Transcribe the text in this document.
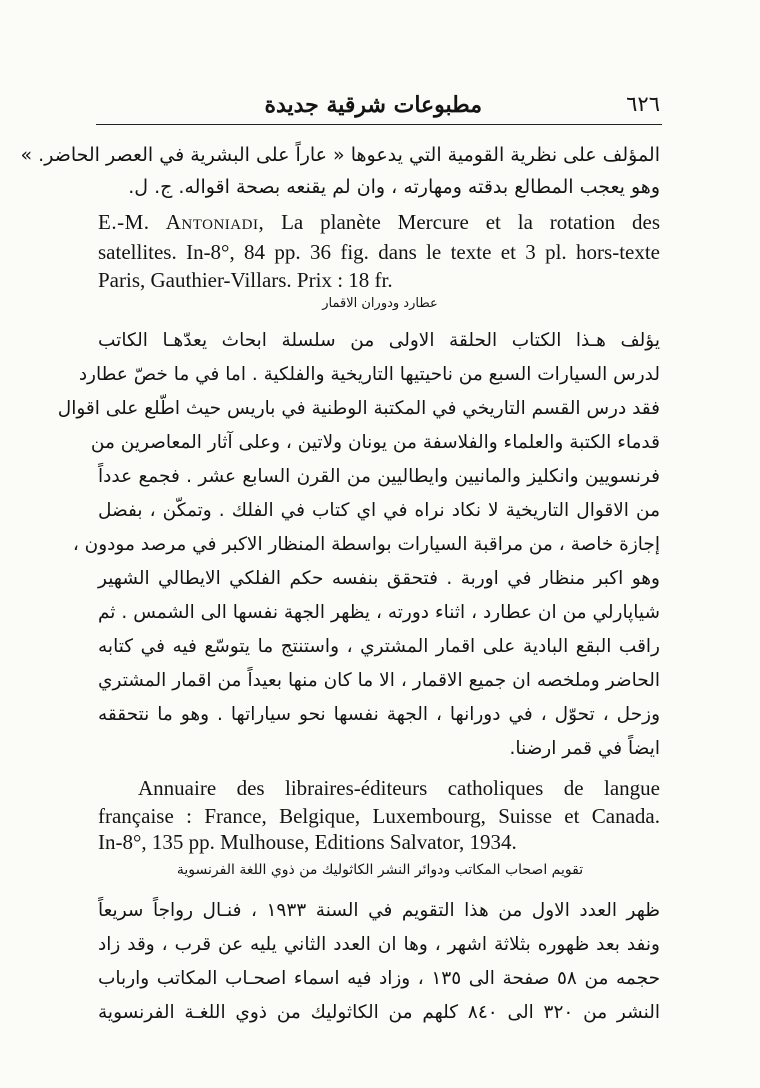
٦٢٦
مطبوعات شرقية جديدة
المؤلف على نظرية القومية التي يدعوها « عاراً على البشرية في العصر الحاضر. »
وهو يعجب المطالع بدقته ومهارته ، وان لم يقنعه بصحة اقواله. ج. ل.
E.-M. Antoniadi, La planète Mercure et la rotation des
satellites. In-8°, 84 pp. 36 fig. dans le texte et 3 pl. hors-texte
Paris, Gauthier-Villars. Prix : 18 fr.
عطارد ودوران الاقمار
يؤلف هـذا الكتاب الحلقة الاولى من سلسلة ابحاث يعدّهـا الكاتب
لدرس السيارات السبع من ناحيتيها التاريخية والفلكية . اما في ما خصّ عطارد
فقد درس القسم التاريخي في المكتبة الوطنية في باريس حيث اطّلع على اقوال
قدماء الكتبة والعلماء والفلاسفة من يونان ولاتين ، وعلى آثار المعاصرين من
فرنسويين وانكليز والمانيين وايطاليين من القرن السابع عشر . فجمع عدداً
من الاقوال التاريخية لا نكاد نراه في اي كتاب في الفلك . وتمكّن ، بفضل
إجازة خاصة ، من مراقبة السيارات بواسطة المنظار الاكبر في مرصد مودون ،
وهو اكبر منظار في اوربة . فتحقق بنفسه حكم الفلكي الايطالي الشهير
شياپارلي من ان عطارد ، اثناء دورته ، يظهر الجهة نفسها الى الشمس . ثم
راقب البقع البادية على اقمار المشتري ، واستنتج ما يتوسّع فيه في كتابه
الحاضر وملخصه ان جميع الاقمار ، الا ما كان منها بعيداً من اقمار المشتري
وزحل ، تحوّل ، في دورانها ، الجهة نفسها نحو سياراتها . وهو ما نتحققه
ايضاً في قمر ارضنا.
Annuaire des libraires-éditeurs catholiques de langue
française : France, Belgique, Luxembourg, Suisse et Canada.
In-8°, 135 pp. Mulhouse, Editions Salvator, 1934.
تقويم اصحاب المكاتب ودوائر النشر الكاثوليك من ذوي اللغة الفرنسوية
ظهر العدد الاول من هذا التقويم في السنة ١٩٣٣ ، فنـال رواجاً سريعاً
ونفد بعد ظهوره بثلاثة اشهر ، وها ان العدد الثاني يليه عن قرب ، وقد زاد
حجمه من ٥٨ صفحة الى ١٣٥ ، وزاد فيه اسماء اصحـاب المكاتب وارباب
النشر من ٣٢٠ الى ٨٤٠ كلهم من الكاثوليك من ذوي اللغـة الفرنسوية
